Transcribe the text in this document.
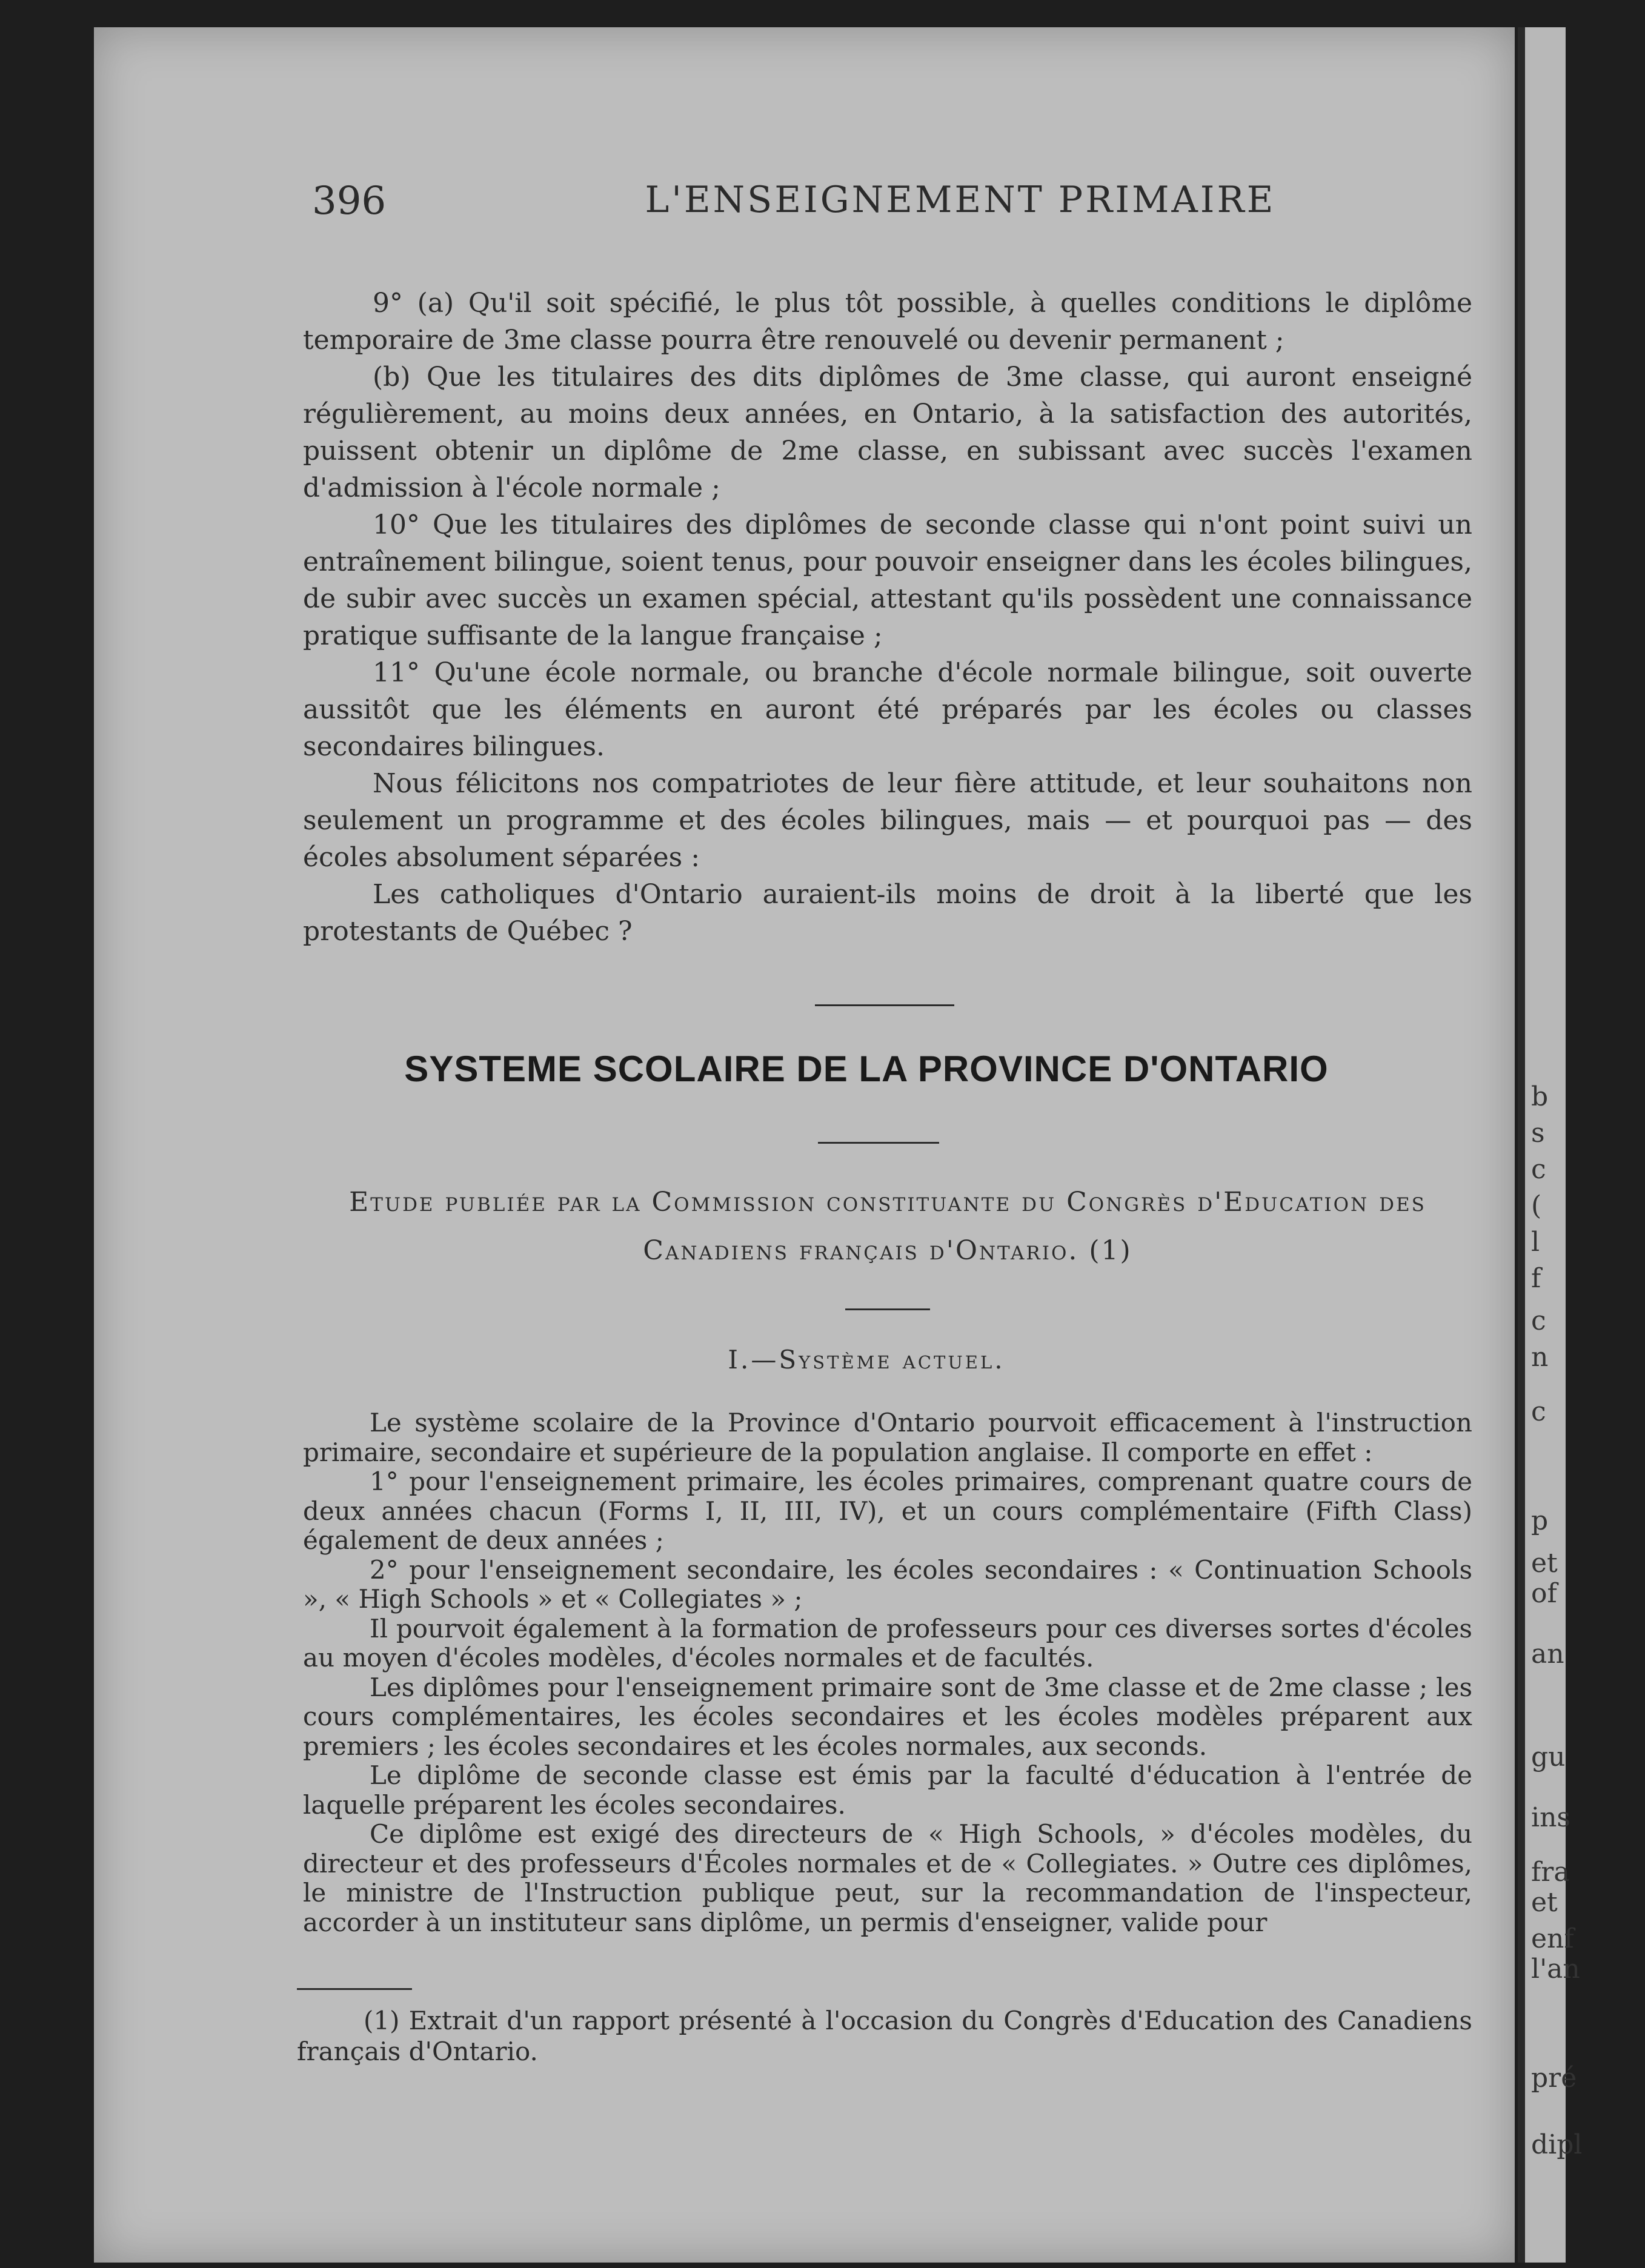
396	L'ENSEIGNEMENT PRIMAIRE

9° (a) Qu'il soit spécifié, le plus tôt possible, à quelles conditions le diplôme temporaire de 3me classe pourra être renouvelé ou devenir permanent ;

(b) Que les titulaires des dits diplômes de 3me classe, qui auront enseigné régulièrement, au moins deux années, en Ontario, à la satisfaction des autorités, puissent obtenir un diplôme de 2me classe, en subissant avec succès l'examen d'admission à l'école normale ;

10° Que les titulaires des diplômes de seconde classe qui n'ont point suivi un entraînement bilingue, soient tenus, pour pouvoir enseigner dans les écoles bilingues, de subir avec succès un examen spécial, attestant qu'ils possèdent une connaissance pratique suffisante de la langue française ;

11° Qu'une école normale, ou branche d'école normale bilingue, soit ouverte aussitôt que les éléments en auront été préparés par les écoles ou classes secondaires bilingues.

Nous félicitons nos compatriotes de leur fière attitude, et leur souhaitons non seulement un programme et des écoles bilingues, mais — et pourquoi pas — des écoles absolument séparées :

Les catholiques d'Ontario auraient-ils moins de droit à la liberté que les protestants de Québec ?

SYSTEME SCOLAIRE DE LA PROVINCE D'ONTARIO
Etude publiée par la Commission constituante du Congrès d'Education des
Canadiens français d'Ontario. (1)
I.—Système actuel.

Le système scolaire de la Province d'Ontario pourvoit efficacement à l'instruction primaire, secondaire et supérieure de la population anglaise. Il comporte en effet :

1° pour l'enseignement primaire, les écoles primaires, comprenant quatre cours de deux années chacun (Forms I, II, III, IV), et un cours complémentaire (Fifth Class) également de deux années ;

2° pour l'enseignement secondaire, les écoles secondaires : « Continuation Schools », « High Schools » et « Collegiates » ;

Il pourvoit également à la formation de professeurs pour ces diverses sortes d'écoles au moyen d'écoles modèles, d'écoles normales et de facultés.

Les diplômes pour l'enseignement primaire sont de 3me classe et de 2me classe ; les cours complémentaires, les écoles secondaires et les écoles modèles préparent aux premiers ; les écoles secondaires et les écoles normales, aux seconds.

Le diplôme de seconde classe est émis par la faculté d'éducation à l'entrée de laquelle préparent les écoles secondaires.

Ce diplôme est exigé des directeurs de « High Schools, » d'écoles modèles, du directeur et des professeurs d'Écoles normales et de « Collegiates. » Outre ces diplômes, le ministre de l'Instruction publique peut, sur la recommandation de l'inspecteur, accorder à un instituteur sans diplôme, un permis d'enseigner, valide pour

(1) Extrait d'un rapport présenté à l'occasion du Congrès d'Education des Canadiens français d'Ontario.

b
s
c
(
l
f
c
n
c
p
et
of
an
gu
ins
fra
et
enf
l'an
pré
dipl
